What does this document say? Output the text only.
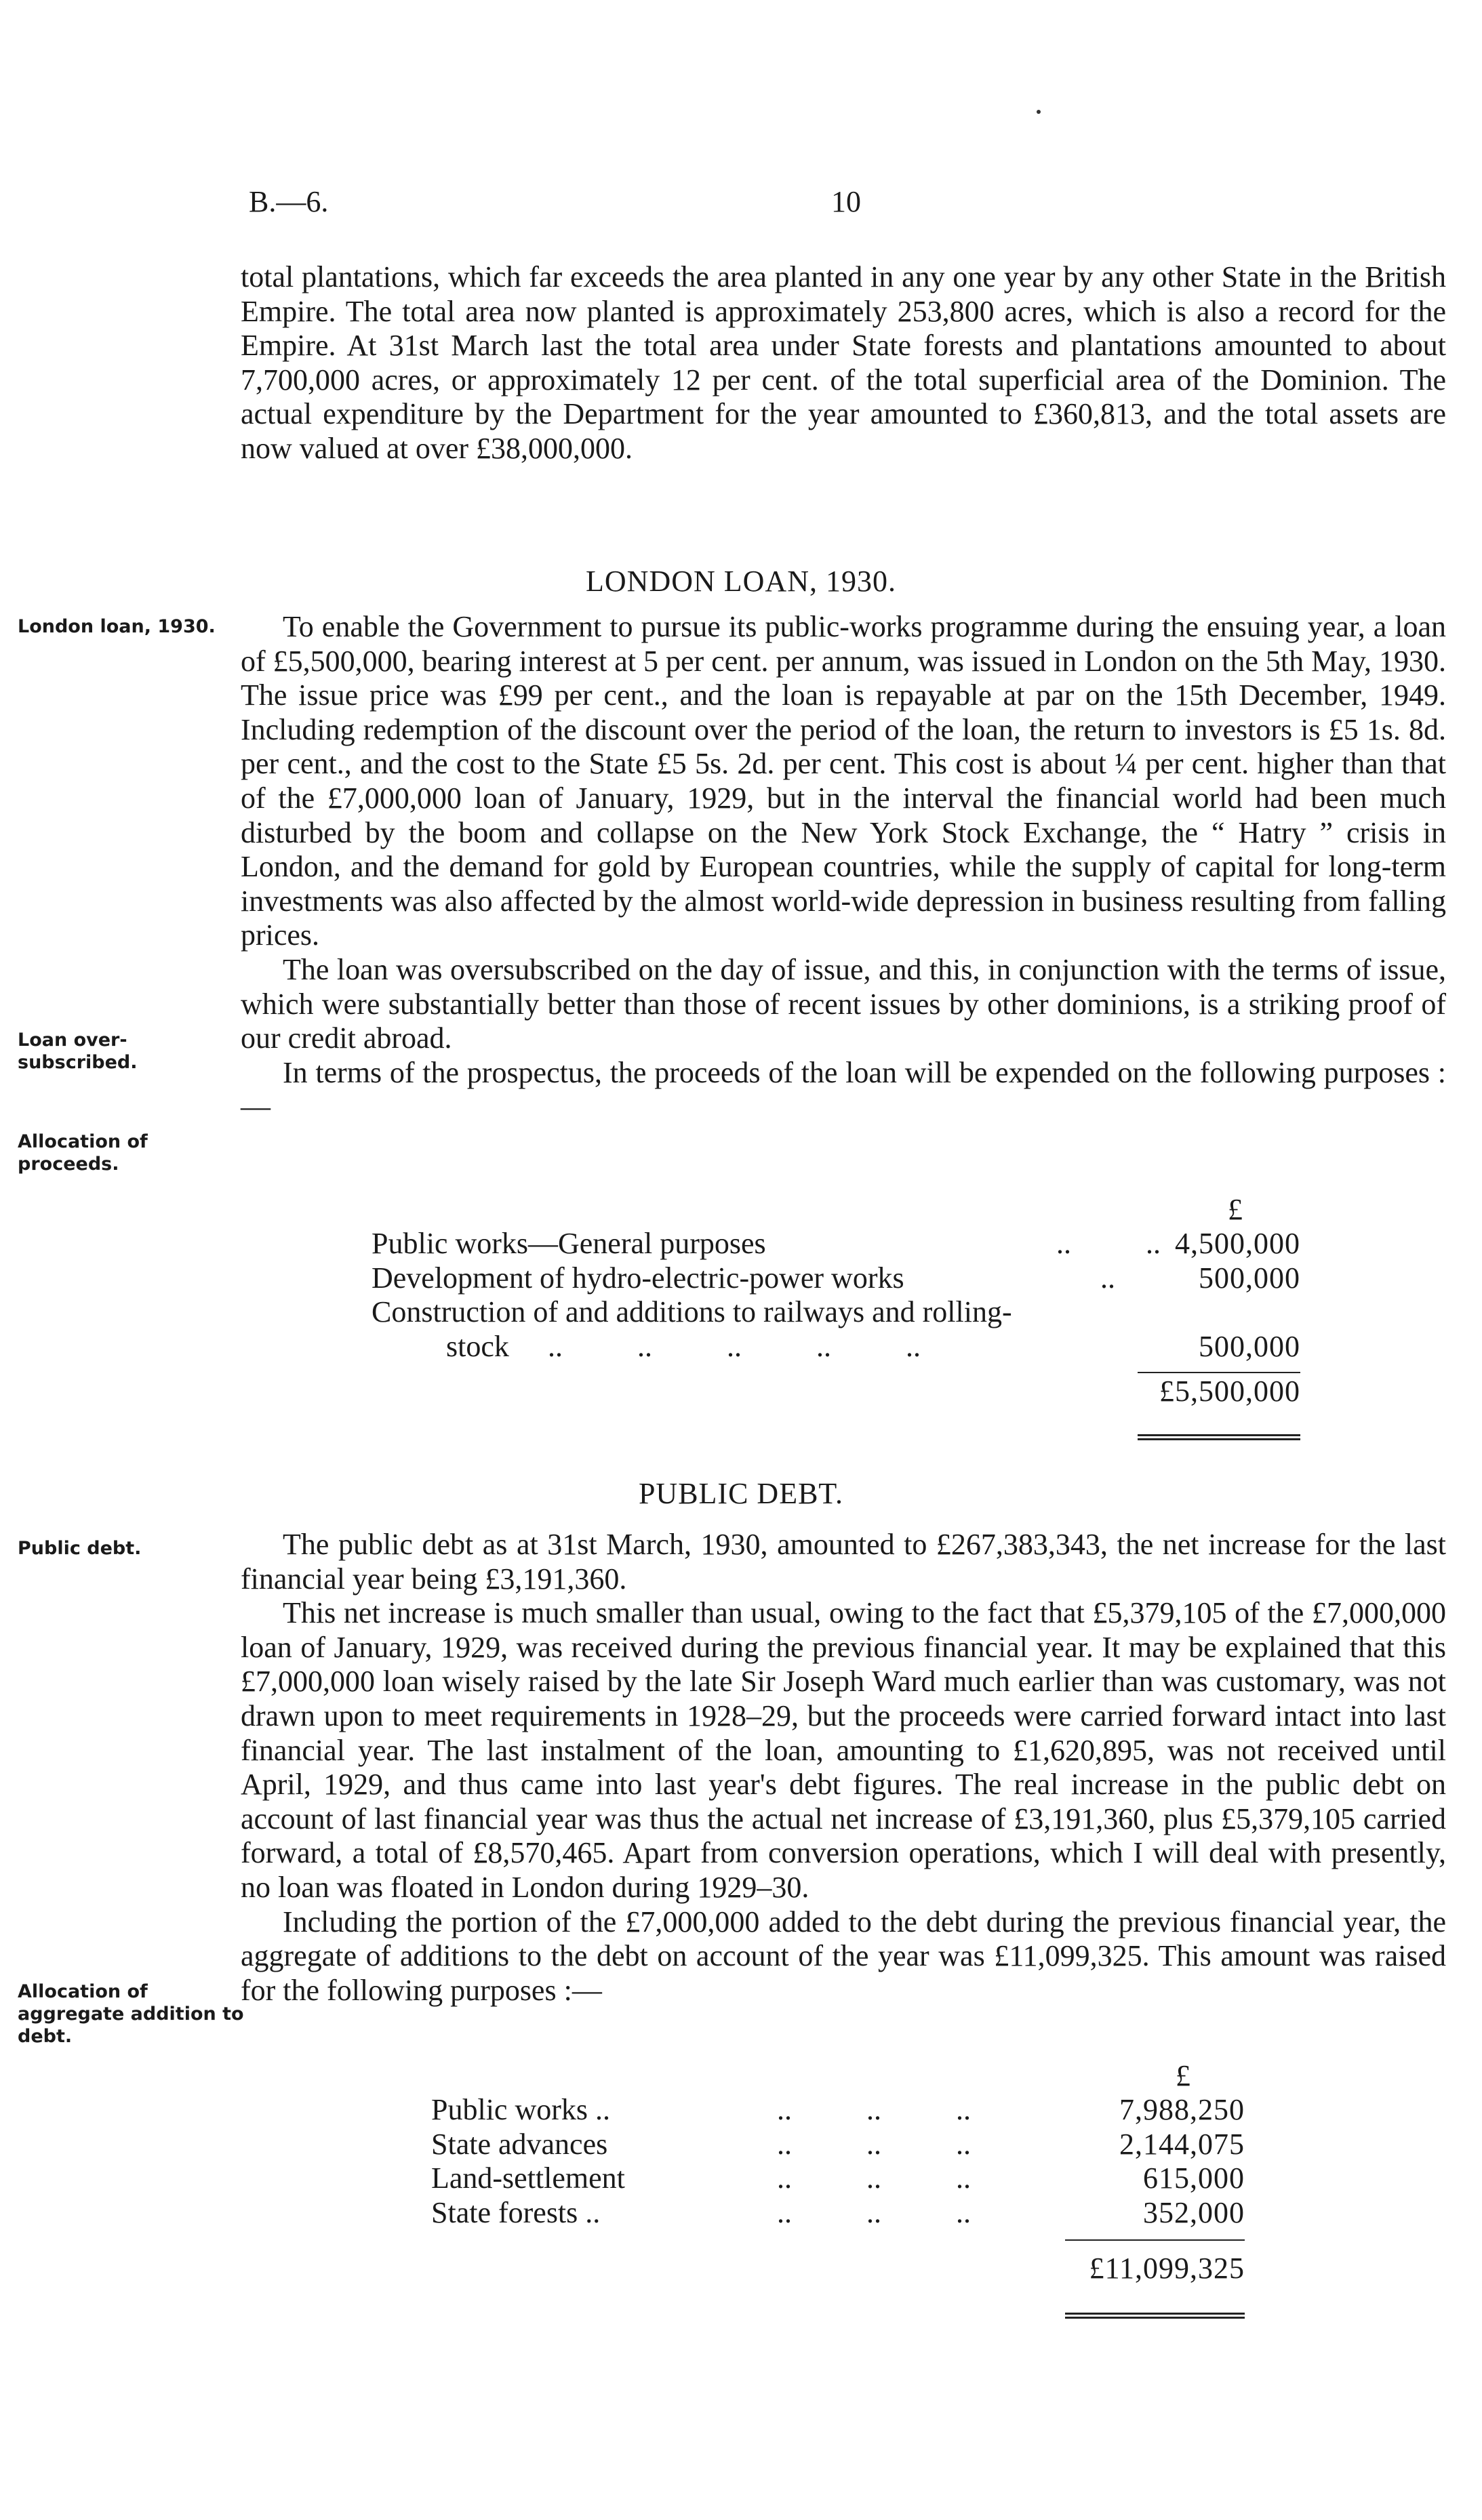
B.—6.	10

total plantations, which far exceeds the area planted in any one year by any other State in the British Empire. The total area now planted is approximately 253,800 acres, which is also a record for the Empire. At 31st March last the total area under State forests and plantations amounted to about 7,700,000 acres, or approximately 12 per cent. of the total superficial area of the Dominion. The actual expenditure by the Department for the year amounted to £360,813, and the total assets are now valued at over £38,000,000.

LONDON LOAN, 1930.
London loan, 1930.
Loan over-subscribed.
Allocation of proceeds.

To enable the Government to pursue its public-works programme during the ensuing year, a loan of £5,500,000, bearing interest at 5 per cent. per annum, was issued in London on the 5th May, 1930. The issue price was £99 per cent., and the loan is repayable at par on the 15th December, 1949. Including redemption of the discount over the period of the loan, the return to investors is £5 1s. 8d. per cent., and the cost to the State £5 5s. 2d. per cent. This cost is about ¼ per cent. higher than that of the £7,000,000 loan of January, 1929, but in the interval the financial world had been much disturbed by the boom and collapse on the New York Stock Exchange, the “ Hatry ” crisis in London, and the demand for gold by European countries, while the supply of capital for long-term investments was also affected by the almost world-wide depression in business resulting from falling prices.

The loan was oversubscribed on the day of issue, and this, in conjunction with the terms of issue, which were substantially better than those of recent issues by other dominions, is a striking proof of our credit abroad.

In terms of the prospectus, the proceeds of the loan will be expended on the following purposes :—

£
Public works—General purposes	..          .. 4,500,000
Development of hydro-electric-power works	..	500,000
Construction of and additions to railways and rolling-
stock ..          ..          ..          ..          ..	500,000
£5,500,000
PUBLIC DEBT.
Public debt.
Allocation of aggregate addition to debt.

The public debt as at 31st March, 1930, amounted to £267,383,343, the net increase for the last financial year being £3,191,360.

This net increase is much smaller than usual, owing to the fact that £5,379,105 of the £7,000,000 loan of January, 1929, was received during the previous financial year. It may be explained that this £7,000,000 loan wisely raised by the late Sir Joseph Ward much earlier than was customary, was not drawn upon to meet requirements in 1928–29, but the proceeds were carried forward intact into last financial year. The last instalment of the loan, amounting to £1,620,895, was not received until April, 1929, and thus came into last year's debt figures. The real increase in the public debt on account of last financial year was thus the actual net increase of £3,191,360, plus £5,379,105 carried forward, a total of £8,570,465. Apart from conversion operations, which I will deal with presently, no loan was floated in London during 1929–30.

Including the portion of the £7,000,000 added to the debt during the previous financial year, the aggregate of additions to the debt on account of the year was £11,099,325. This amount was raised for the following purposes :—

£
Public works ..	..          ..          ..	7,988,250
State advances	..          ..          ..	2,144,075
Land-settlement	..          ..          ..	615,000
State forests ..	..          ..          ..	352,000
£11,099,325
